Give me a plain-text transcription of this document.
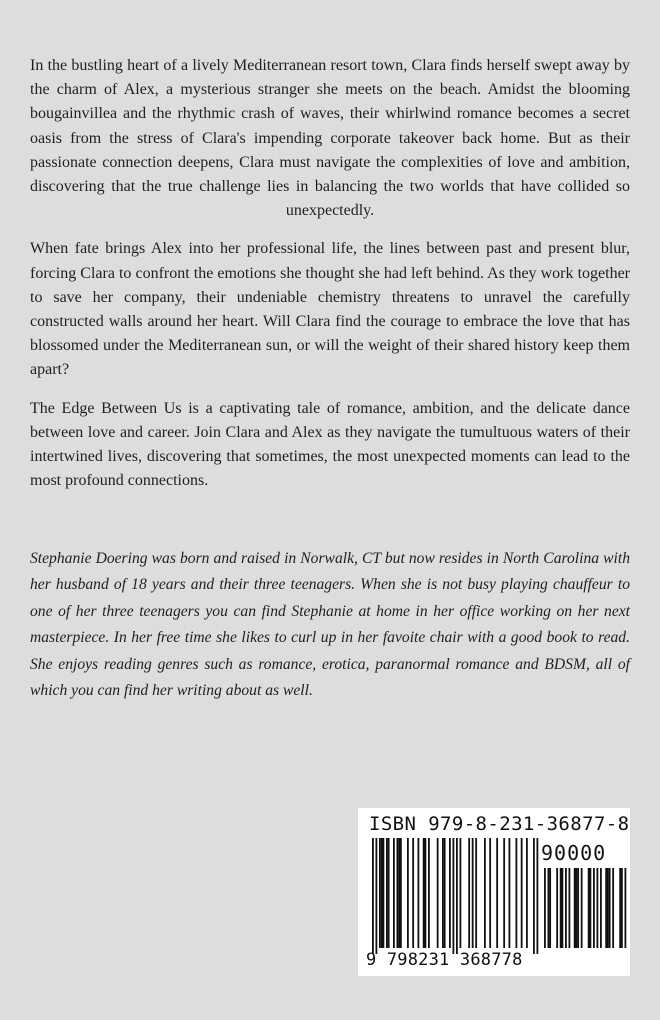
In the bustling heart of a lively Mediterranean resort town, Clara finds herself swept away by the charm of Alex, a mysterious stranger she meets on the beach. Amidst the blooming bougainvillea and the rhythmic crash of waves, their whirlwind romance becomes a secret oasis from the stress of Clara's impending corporate takeover back home. But as their passionate connection deepens, Clara must navigate the complexities of love and ambition, discovering that the true challenge lies in balancing the two worlds that have collided so unexpectedly.

When fate brings Alex into her professional life, the lines between past and present blur, forcing Clara to confront the emotions she thought she had left behind. As they work together to save her company, their undeniable chemistry threatens to unravel the carefully constructed walls around her heart. Will Clara find the courage to embrace the love that has blossomed under the Mediterranean sun, or will the weight of their shared history keep them apart?

The Edge Between Us is a captivating tale of romance, ambition, and the delicate dance between love and career. Join Clara and Alex as they navigate the tumultuous waters of their intertwined lives, discovering that sometimes, the most unexpected moments can lead to the most profound connections.

Stephanie Doering was born and raised in Norwalk, CT but now resides in North Carolina with her husband of 18 years and their three teenagers. When she is not busy playing chauffeur to one of her three teenagers you can find Stephanie at home in her office working on her next masterpiece. In her free time she likes to curl up in her favoite chair with a good book to read. She enjoys reading genres such as romance, erotica, paranormal romance and BDSM, all of which you can find her writing about as well.

ISBN 979-8-231-36877-8
90000
9 798231 368778
